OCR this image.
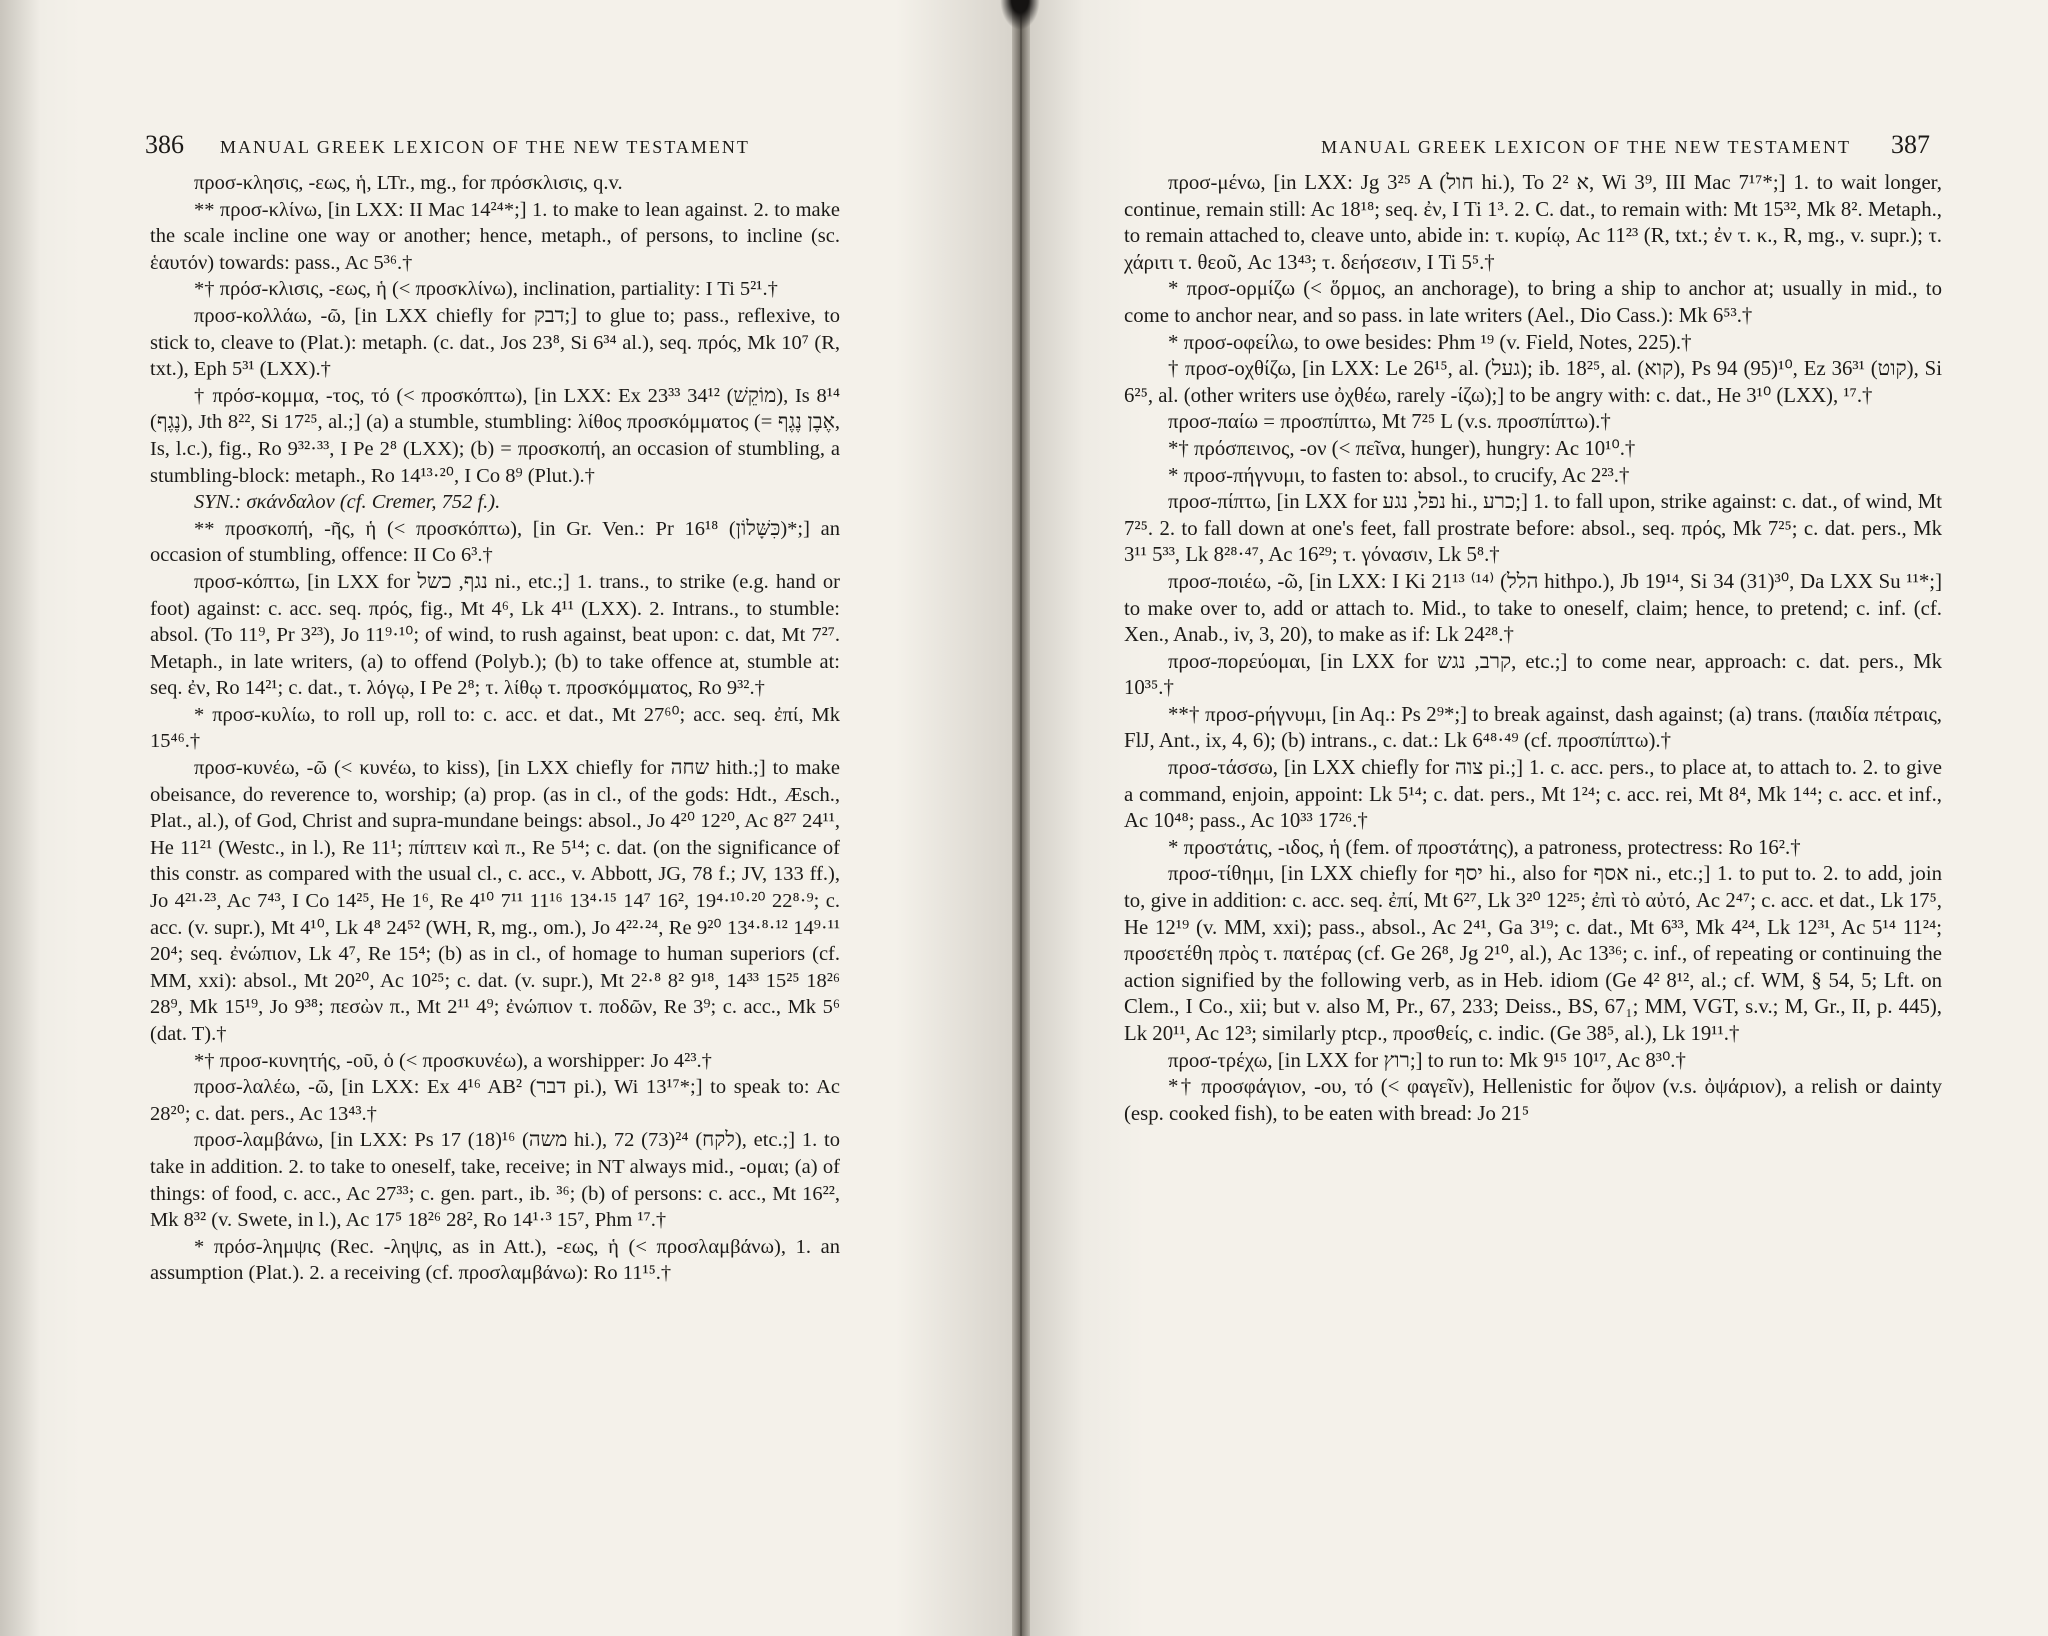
386 MANUAL GREEK LEXICON OF THE NEW TESTAMENT

προσ-κλησις, -εως, ἡ, LTr., mg., for πρόσκλισις, q.v.

** προσ-κλίνω, [in LXX: II Mac 14²⁴*;] 1. to make to lean against. 2. to make the scale incline one way or another; hence, metaph., of persons, to incline (sc. ἑαυτόν) towards: pass., Ac 5³⁶.†

*† πρόσ-κλισις, -εως, ἡ (< προσκλίνω), inclination, partiality: I Ti 5²¹.†

προσ-κολλάω, -ῶ, [in LXX chiefly for דבק;] to glue to; pass., reflexive, to stick to, cleave to (Plat.): metaph. (c. dat., Jos 23⁸, Si 6³⁴ al.), seq. πρός, Mk 10⁷ (R, txt.), Eph 5³¹ (LXX).†

† πρόσ-κομμα, -τος, τό (< προσκόπτω), [in LXX: Ex 23³³ 34¹² (מוֹקֵשׁ), Is 8¹⁴ (נֶגֶף), Jth 8²², Si 17²⁵, al.;] (a) a stumble, stumbling: λίθος προσκόμματος (= אֶבֶן נֶגֶף, Is, l.c.), fig., Ro 9³²·³³, I Pe 2⁸ (LXX); (b) = προσκοπή, an occasion of stumbling, a stumbling-block: metaph., Ro 14¹³·²⁰, I Co 8⁹ (Plut.).†

SYN.: σκάνδαλον (cf. Cremer, 752 f.).

** προσκοπή, -ῆς, ἡ (< προσκόπτω), [in Gr. Ven.: Pr 16¹⁸ (כִּשָּׁלוֹן)*;] an occasion of stumbling, offence: II Co 6³.†

προσ-κόπτω, [in LXX for נגף, כשל ni., etc.;] 1. trans., to strike (e.g. hand or foot) against: c. acc. seq. πρός, fig., Mt 4⁶, Lk 4¹¹ (LXX). 2. Intrans., to stumble: absol. (To 11⁹, Pr 3²³), Jo 11⁹·¹⁰; of wind, to rush against, beat upon: c. dat, Mt 7²⁷. Metaph., in late writers, (a) to offend (Polyb.); (b) to take offence at, stumble at: seq. ἐν, Ro 14²¹; c. dat., τ. λόγῳ, I Pe 2⁸; τ. λίθῳ τ. προσκόμματος, Ro 9³².†

* προσ-κυλίω, to roll up, roll to: c. acc. et dat., Mt 27⁶⁰; acc. seq. ἐπί, Mk 15⁴⁶.†

προσ-κυνέω, -ῶ (< κυνέω, to kiss), [in LXX chiefly for שחה hith.;] to make obeisance, do reverence to, worship; (a) prop. (as in cl., of the gods: Hdt., Æsch., Plat., al.), of God, Christ and supra-mundane beings: absol., Jo 4²⁰ 12²⁰, Ac 8²⁷ 24¹¹, He 11²¹ (Westc., in l.), Re 11¹; πίπτειν καὶ π., Re 5¹⁴; c. dat. (on the significance of this constr. as compared with the usual cl., c. acc., v. Abbott, JG, 78 f.; JV, 133 ff.), Jo 4²¹·²³, Ac 7⁴³, I Co 14²⁵, He 1⁶, Re 4¹⁰ 7¹¹ 11¹⁶ 13⁴·¹⁵ 14⁷ 16², 19⁴·¹⁰·²⁰ 22⁸·⁹; c. acc. (v. supr.), Mt 4¹⁰, Lk 4⁸ 24⁵² (WH, R, mg., om.), Jo 4²²·²⁴, Re 9²⁰ 13⁴·⁸·¹² 14⁹·¹¹ 20⁴; seq. ἐνώπιον, Lk 4⁷, Re 15⁴; (b) as in cl., of homage to human superiors (cf. MM, xxi): absol., Mt 20²⁰, Ac 10²⁵; c. dat. (v. supr.), Mt 2²·⁸ 8² 9¹⁸, 14³³ 15²⁵ 18²⁶ 28⁹, Mk 15¹⁹, Jo 9³⁸; πεσὼν π., Mt 2¹¹ 4⁹; ἐνώπιον τ. ποδῶν, Re 3⁹; c. acc., Mk 5⁶ (dat. T).†

*† προσ-κυνητής, -οῦ, ὁ (< προσκυνέω), a worshipper: Jo 4²³.†

προσ-λαλέω, -ῶ, [in LXX: Ex 4¹⁶ AB² (דבר pi.), Wi 13¹⁷*;] to speak to: Ac 28²⁰; c. dat. pers., Ac 13⁴³.†

προσ-λαμβάνω, [in LXX: Ps 17 (18)¹⁶ (משה hi.), 72 (73)²⁴ (לקח), etc.;] 1. to take in addition. 2. to take to oneself, take, receive; in NT always mid., -ομαι; (a) of things: of food, c. acc., Ac 27³³; c. gen. part., ib. ³⁶; (b) of persons: c. acc., Mt 16²², Mk 8³² (v. Swete, in l.), Ac 17⁵ 18²⁶ 28², Ro 14¹·³ 15⁷, Phm ¹⁷.†

* πρόσ-λημψις (Rec. -ληψις, as in Att.), -εως, ἡ (< προσλαμβάνω), 1. an assumption (Plat.). 2. a receiving (cf. προσλαμβάνω): Ro 11¹⁵.†

MANUAL GREEK LEXICON OF THE NEW TESTAMENT 387

προσ-μένω, [in LXX: Jg 3²⁵ A (חול hi.), To 2² א, Wi 3⁹, III Mac 7¹⁷*;] 1. to wait longer, continue, remain still: Ac 18¹⁸; seq. ἐν, I Ti 1³. 2. C. dat., to remain with: Mt 15³², Mk 8². Metaph., to remain attached to, cleave unto, abide in: τ. κυρίῳ, Ac 11²³ (R, txt.; ἐν τ. κ., R, mg., v. supr.); τ. χάριτι τ. θεοῦ, Ac 13⁴³; τ. δεήσεσιν, I Ti 5⁵.†

* προσ-ορμίζω (< ὅρμος, an anchorage), to bring a ship to anchor at; usually in mid., to come to anchor near, and so pass. in late writers (Ael., Dio Cass.): Mk 6⁵³.†

* προσ-οφείλω, to owe besides: Phm ¹⁹ (v. Field, Notes, 225).†

† προσ-οχθίζω, [in LXX: Le 26¹⁵, al. (געל); ib. 18²⁵, al. (קוא), Ps 94 (95)¹⁰, Ez 36³¹ (קוט), Si 6²⁵, al. (other writers use ὀχθέω, rarely -ίζω);] to be angry with: c. dat., He 3¹⁰ (LXX), ¹⁷.†

προσ-παίω = προσπίπτω, Mt 7²⁵ L (v.s. προσπίπτω).†

*† πρόσπεινος, -ον (< πεῖνα, hunger), hungry: Ac 10¹⁰.†

* προσ-πήγνυμι, to fasten to: absol., to crucify, Ac 2²³.†

προσ-πίπτω, [in LXX for נפל, נגע hi., כרע;] 1. to fall upon, strike against: c. dat., of wind, Mt 7²⁵. 2. to fall down at one's feet, fall prostrate before: absol., seq. πρός, Mk 7²⁵; c. dat. pers., Mk 3¹¹ 5³³, Lk 8²⁸·⁴⁷, Ac 16²⁹; τ. γόνασιν, Lk 5⁸.†

προσ-ποιέω, -ῶ, [in LXX: I Ki 21¹³ ⁽¹⁴⁾ (הלל hithpo.), Jb 19¹⁴, Si 34 (31)³⁰, Da LXX Su ¹¹*;] to make over to, add or attach to. Mid., to take to oneself, claim; hence, to pretend; c. inf. (cf. Xen., Anab., iv, 3, 20), to make as if: Lk 24²⁸.†

προσ-πορεύομαι, [in LXX for קרב, נגש, etc.;] to come near, approach: c. dat. pers., Mk 10³⁵.†

**† προσ-ρήγνυμι, [in Aq.: Ps 2⁹*;] to break against, dash against; (a) trans. (παιδία πέτραις, FlJ, Ant., ix, 4, 6); (b) intrans., c. dat.: Lk 6⁴⁸·⁴⁹ (cf. προσπίπτω).†

προσ-τάσσω, [in LXX chiefly for צוה pi.;] 1. c. acc. pers., to place at, to attach to. 2. to give a command, enjoin, appoint: Lk 5¹⁴; c. dat. pers., Mt 1²⁴; c. acc. rei, Mt 8⁴, Mk 1⁴⁴; c. acc. et inf., Ac 10⁴⁸; pass., Ac 10³³ 17²⁶.†

* προστάτις, -ιδος, ἡ (fem. of προστάτης), a patroness, protectress: Ro 16².†

προσ-τίθημι, [in LXX chiefly for יסף hi., also for אסף ni., etc.;] 1. to put to. 2. to add, join to, give in addition: c. acc. seq. ἐπί, Mt 6²⁷, Lk 3²⁰ 12²⁵; ἐπὶ τὸ αὐτό, Ac 2⁴⁷; c. acc. et dat., Lk 17⁵, He 12¹⁹ (v. MM, xxi); pass., absol., Ac 2⁴¹, Ga 3¹⁹; c. dat., Mt 6³³, Mk 4²⁴, Lk 12³¹, Ac 5¹⁴ 11²⁴; προσετέθη πρὸς τ. πατέρας (cf. Ge 26⁸, Jg 2¹⁰, al.), Ac 13³⁶; c. inf., of repeating or continuing the action signified by the following verb, as in Heb. idiom (Ge 4² 8¹², al.; cf. WM, § 54, 5; Lft. on Clem., I Co., xii; but v. also M, Pr., 67, 233; Deiss., BS, 67₁; MM, VGT, s.v.; M, Gr., II, p. 445), Lk 20¹¹, Ac 12³; similarly ptcp., προσθείς, c. indic. (Ge 38⁵, al.), Lk 19¹¹.†

προσ-τρέχω, [in LXX for רוץ;] to run to: Mk 9¹⁵ 10¹⁷, Ac 8³⁰.†

*† προσφάγιον, -ου, τό (< φαγεῖν), Hellenistic for ὄψον (v.s. ὀψάριον), a relish or dainty (esp. cooked fish), to be eaten with bread: Jo 21⁵
